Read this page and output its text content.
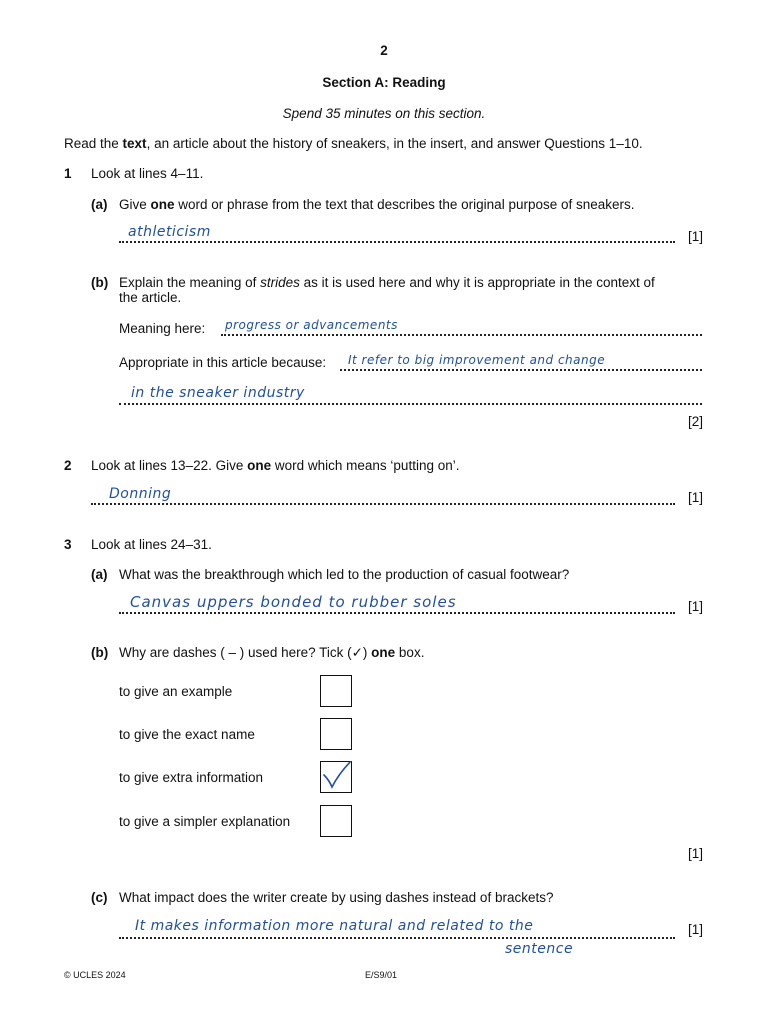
2
Section A: Reading
Spend 35 minutes on this section.
Read the text, an article about the history of sneakers, in the insert, and answer Questions 1–10.
1 Look at lines 4–11.
(a) Give one word or phrase from the text that describes the original purpose of sneakers.
athleticism	[1]
(b) Explain the meaning of strides as it is used here and why it is appropriate in the context of
the article.
Meaning here: progress or advancements
Appropriate in this article because: It refer to big improvement and change
in the sneaker industry
[2]
2 Look at lines 13–22. Give one word which means ‘putting on’.
Donning	[1]
3 Look at lines 24–31.
(a) What was the breakthrough which led to the production of casual footwear?
Canvas uppers bonded to rubber soles	[1]
(b) Why are dashes ( – ) used here? Tick (✓) one box.
to give an example
to give the exact name
to give extra information
to give a simpler explanation
[1]
(c) What impact does the writer create by using dashes instead of brackets?
It makes information more natural and related to the
sentence
[1]
© UCLES 2024	E/S9/01
